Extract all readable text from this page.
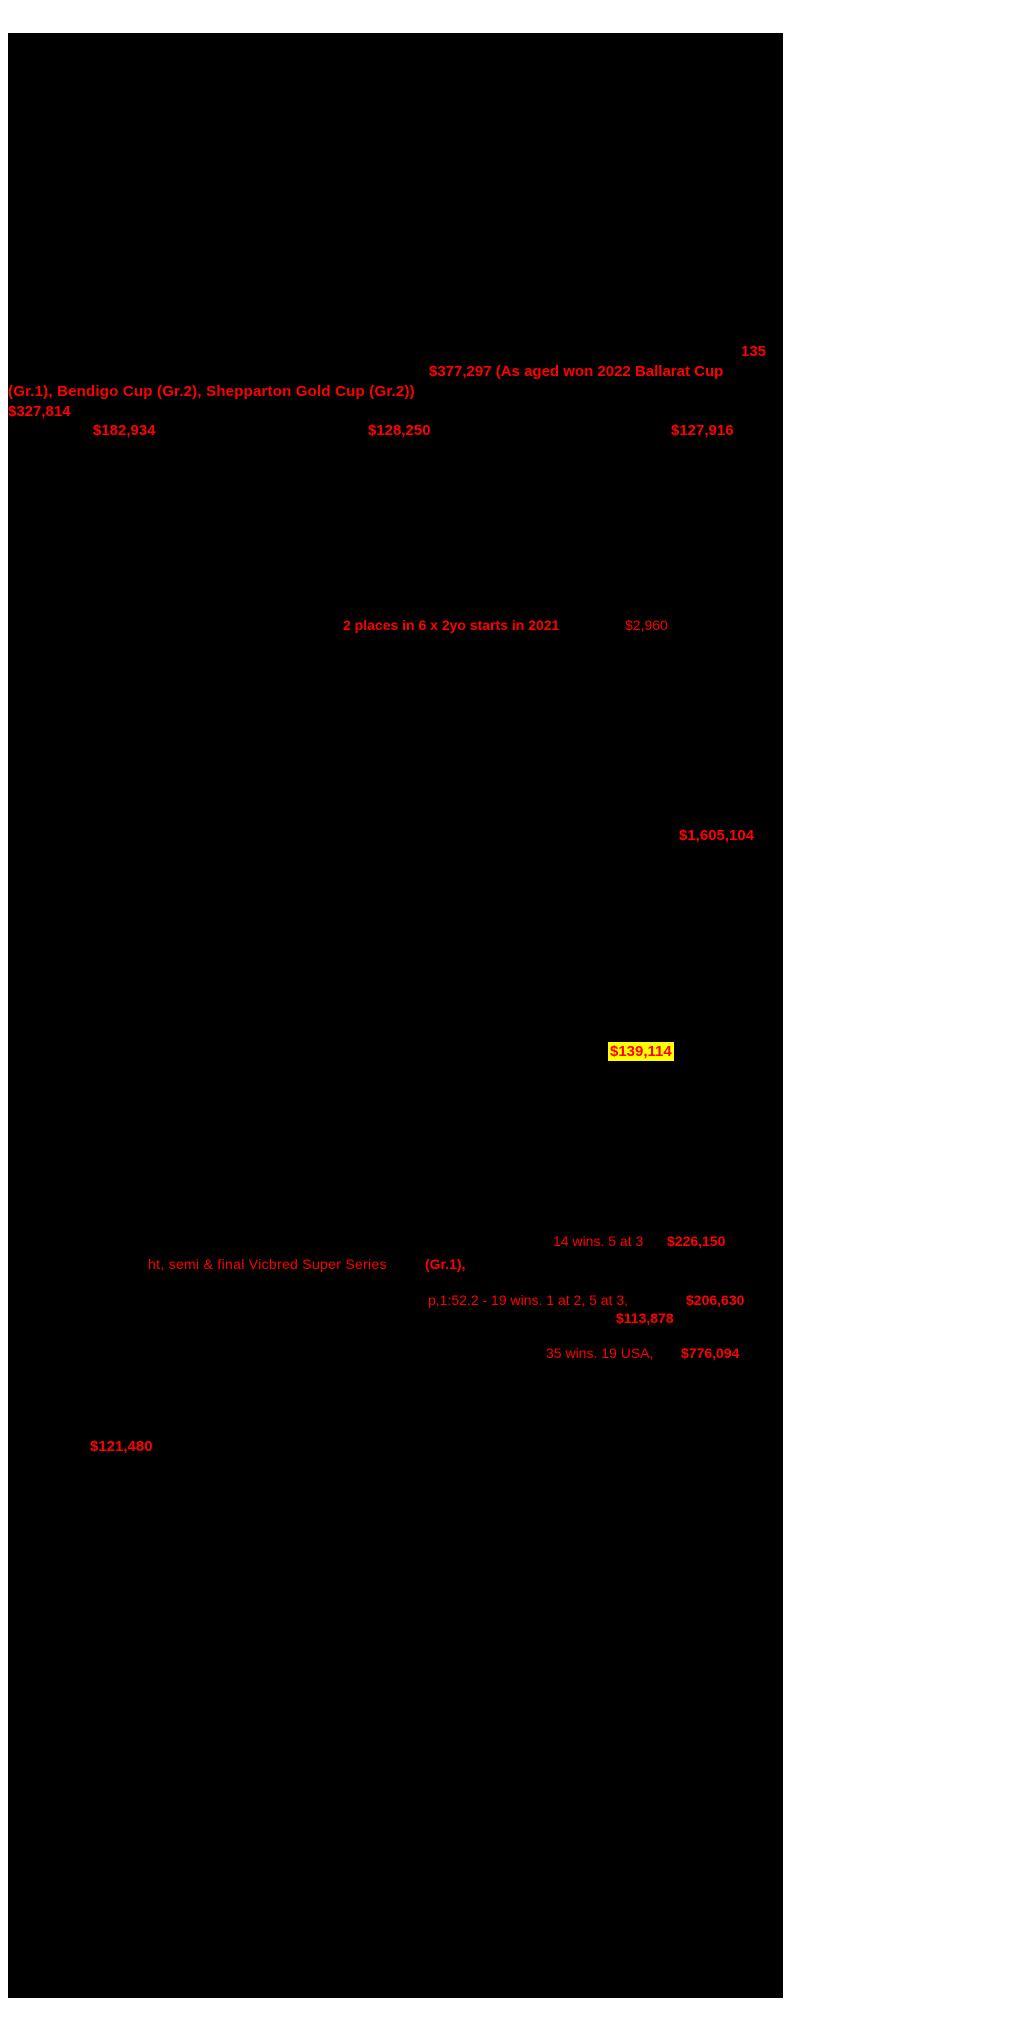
135
$377,297 (As aged won 2022 Ballarat Cup
(Gr.1), Bendigo Cup (Gr.2), Shepparton Gold Cup (Gr.2))
$327,814
$182,934	$128,250	$127,916
2 places in 6 x 2yo starts in 2021	$2,960
$1,605,104
$139,114
14 wins. 5 at 3 $226,150
ht, semi & final Vicbred Super Series	(Gr.1),
p,1:52.2 - 19 wins. 1 at 2, 5 at 3,	$206,630
$113,878
35 wins. 19 USA, $776,094
$121,480
